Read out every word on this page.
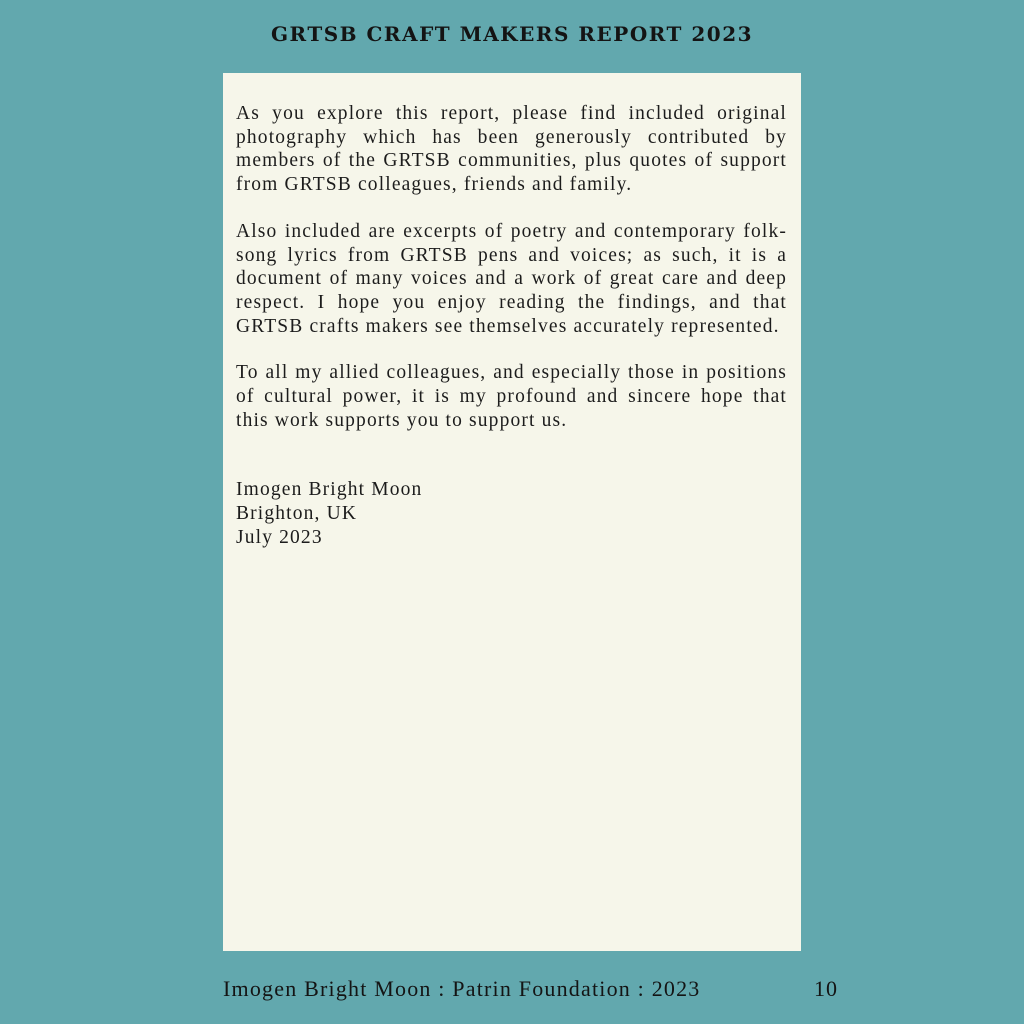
GRTSB CRAFT MAKERS REPORT 2023

As you explore this report, please find included original photography which has been generously contributed by members of the GRTSB communities, plus quotes of support from GRTSB colleagues, friends and family.

Also included are excerpts of poetry and contemporary folk-song lyrics from GRTSB pens and voices; as such, it is a document of many voices and a work of great care and deep respect. I hope you enjoy reading the findings, and that GRTSB crafts makers see themselves accurately represented.

To all my allied colleagues, and especially those in positions of cultural power, it is my profound and sincere hope that this work supports you to support us.

Imogen Bright Moon
Brighton, UK
July 2023
Imogen Bright Moon : Patrin Foundation : 2023	10
